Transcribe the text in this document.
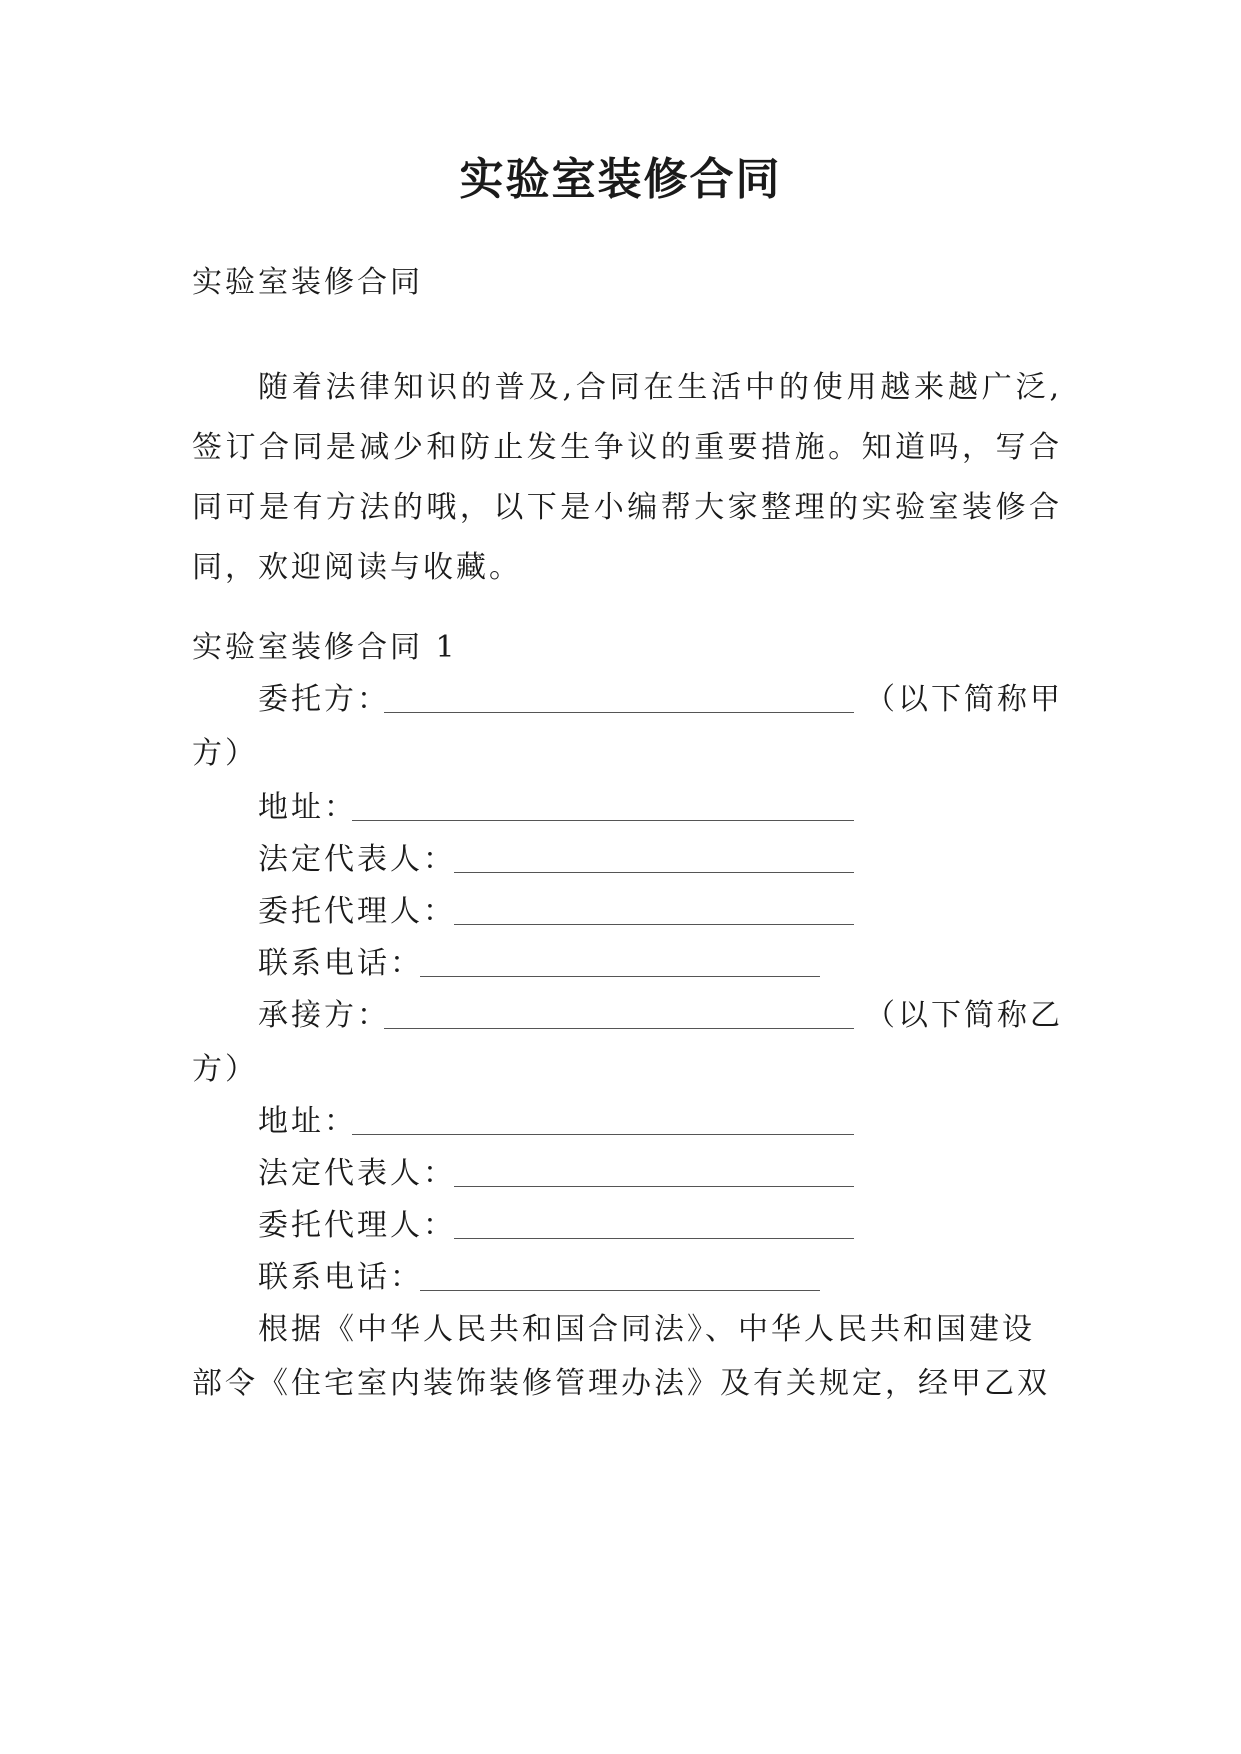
实验室装修合同
实验室装修合同
随着法律知识的普及,合同在生活中的使用越来越广泛,签订合同是减少和防止发生争议的重要措施。知道吗，写合同可是有方法的哦，以下是小编帮大家整理的实验室装修合同，欢迎阅读与收藏。
实验室装修合同 1
委托方：	（以下简称甲
方）
地址：
法定代表人：
委托代理人：
联系电话：
承接方：	（以下简称乙
方）
地址：
法定代表人：
委托代理人：
联系电话：
根据《中华人民共和国合同法》、中华人民共和国建设
部令《住宅室内装饰装修管理办法》及有关规定，经甲乙双
